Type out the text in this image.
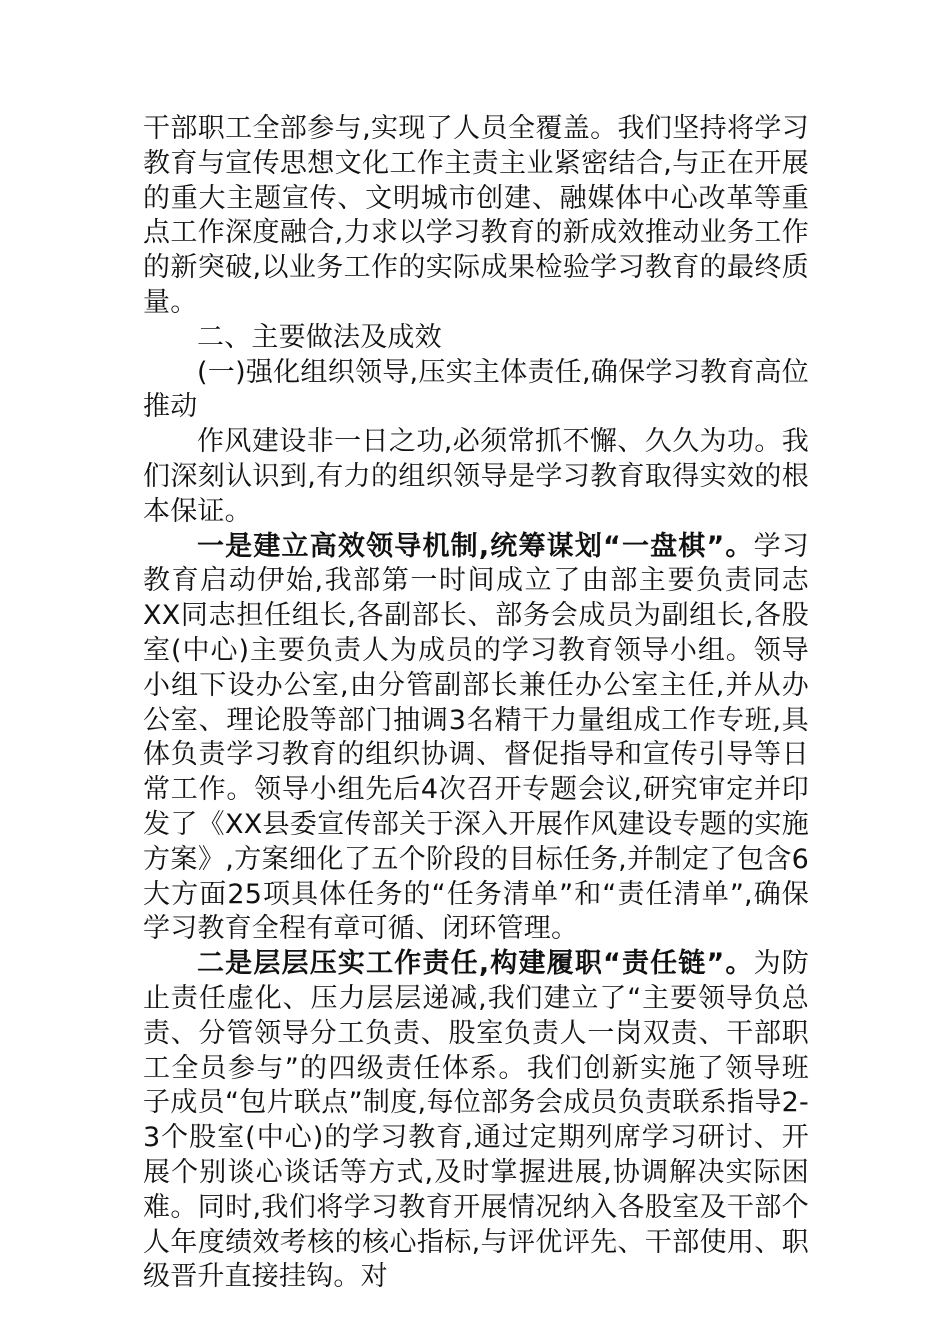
干部职工全部参与,实现了人员全覆盖。我们坚持将学习教育与宣传思想文化工作主责主业紧密结合,与正在开展的重大主题宣传、文明城市创建、融媒体中心改革等重点工作深度融合,力求以学习教育的新成效推动业务工作的新突破,以业务工作的实际成果检验学习教育的最终质量。

二、主要做法及成效

(一)强化组织领导,压实主体责任,确保学习教育高位推动

作风建设非一日之功,必须常抓不懈、久久为功。我们深刻认识到,有力的组织领导是学习教育取得实效的根本保证。

一是建立高效领导机制,统筹谋划“一盘棋”。学习教育启动伊始,我部第一时间成立了由部主要负责同志XX同志担任组长,各副部长、部务会成员为副组长,各股室(中心)主要负责人为成员的学习教育领导小组。领导小组下设办公室,由分管副部长兼任办公室主任,并从办公室、理论股等部门抽调3名精干力量组成工作专班,具体负责学习教育的组织协调、督促指导和宣传引导等日常工作。领导小组先后4次召开专题会议,研究审定并印发了《XX县委宣传部关于深入开展作风建设专题的实施方案》,方案细化了五个阶段的目标任务,并制定了包含6大方面25项具体任务的“任务清单”和“责任清单”,确保学习教育全程有章可循、闭环管理。

二是层层压实工作责任,构建履职“责任链”。为防止责任虚化、压力层层递减,我们建立了“主要领导负总责、分管领导分工负责、股室负责人一岗双责、干部职工全员参与”的四级责任体系。我们创新实施了领导班子成员“包片联点”制度,每位部务会成员负责联系指导2-3个股室(中心)的学习教育,通过定期列席学习研讨、开展个别谈心谈话等方式,及时掌握进展,协调解决实际困难。同时,我们将学习教育开展情况纳入各股室及干部个人年度绩效考核的核心指标,与评优评先、干部使用、职级晋升直接挂钩。对
